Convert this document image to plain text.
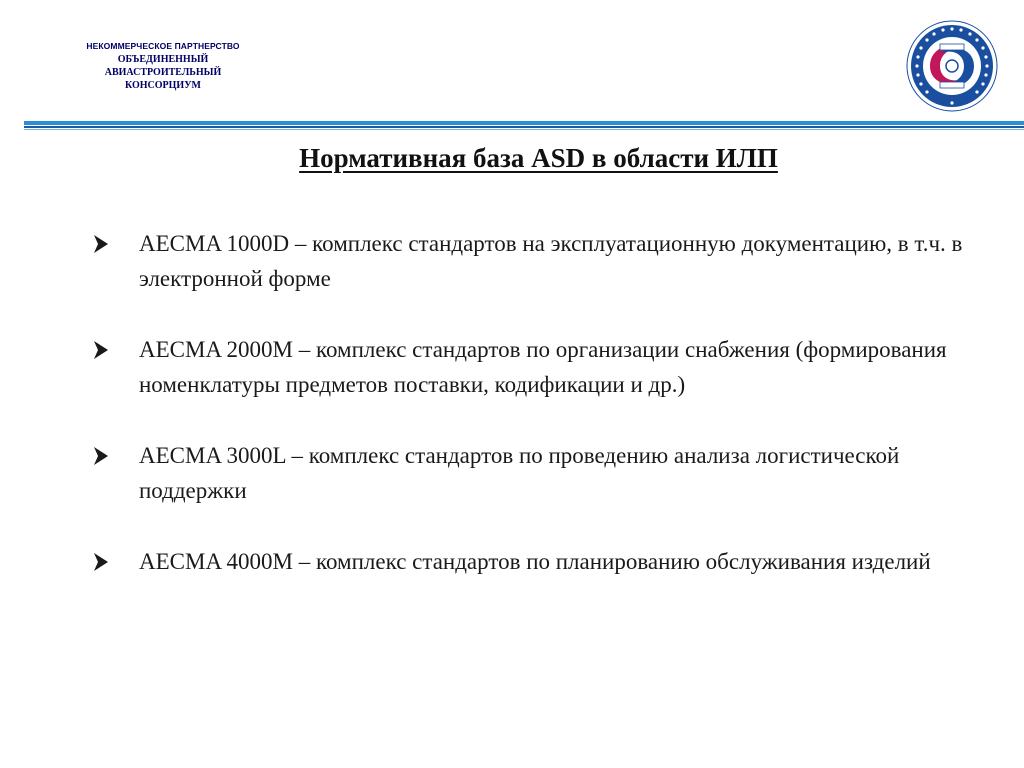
НЕКОММЕРЧЕСКОЕ ПАРТНЕРСТВО
ОБЪЕДИНЕННЫЙ
АВИАСТРОИТЕЛЬНЫЙ
КОНСОРЦИУМ
Нормативная база ASD в области ИЛП
AECMA 1000D – комплекс стандартов на эксплуатационную документацию, в т.ч. в электронной форме
AECMA 2000M – комплекс стандартов по организации снабжения (формирования номенклатуры предметов поставки, кодификации и др.)
AECMA 3000L – комплекс стандартов по проведению анализа логистической поддержки
AECMA 4000M – комплекс стандартов по планированию обслуживания изделий
